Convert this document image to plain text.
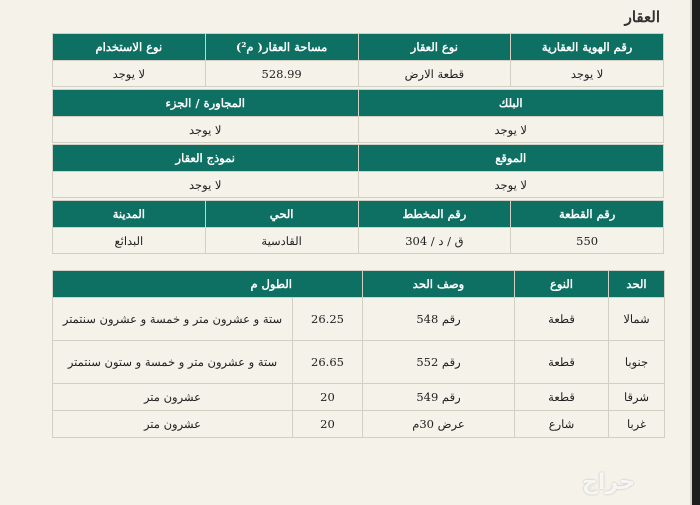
العقار
رقم الهوية العقارية	نوع العقار	مساحة العقار( م²)	نوع الاستخدام
لا يوجد	قطعة الارض	528.99	لا يوجد
البلك	المجاورة / الجزء
لا يوجد	لا يوجد
الموقع	نموذج العقار
لا يوجد	لا يوجد
رقم القطعة	رقم المخطط	الحي	المدينة
550	ق / د / 304	القادسية	البدائع
الحد	النوع	وصف الحد	الطول م	
شمالا	قطعة	رقم 548	26.25	ستة و عشرون متر و خمسة و عشرون سنتمتر
جنوبا	قطعة	رقم 552	26.65	ستة و عشرون متر و خمسة و ستون سنتمتر
شرقا	قطعة	رقم 549	20	عشرون متر
غربا	شارع	عرض 30م	20	عشرون متر
حراج
